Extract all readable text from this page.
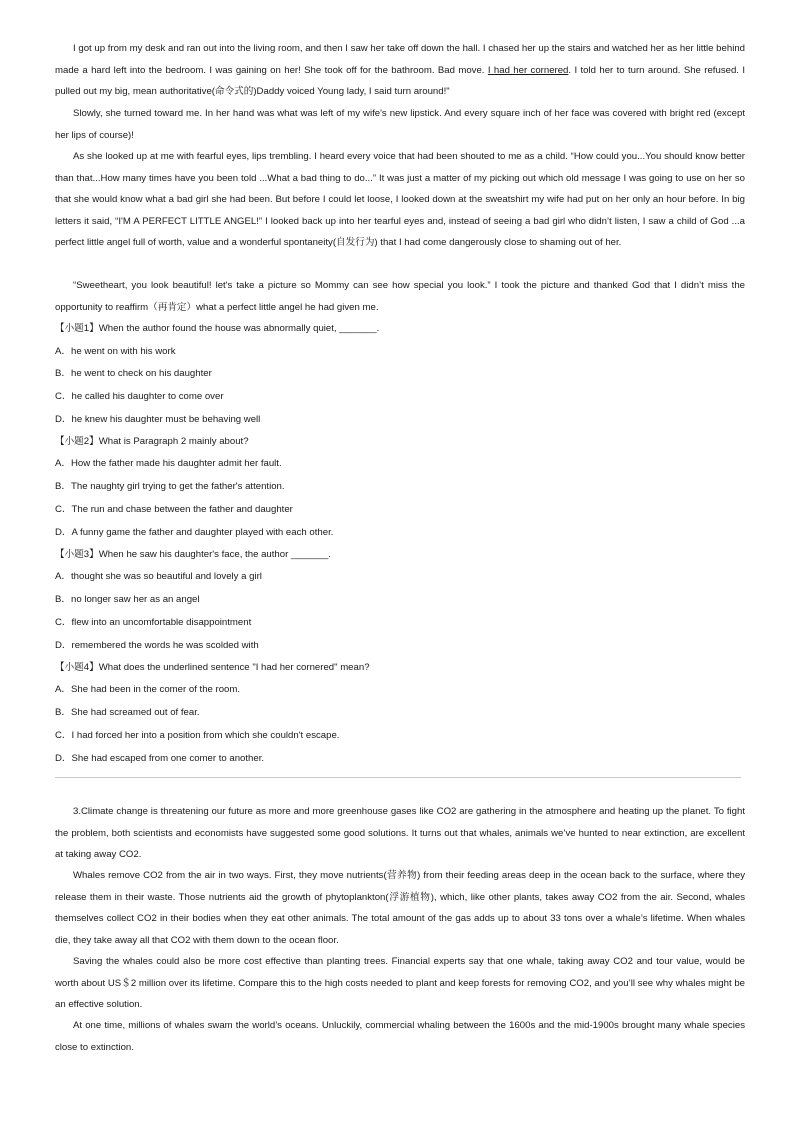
I got up from my desk and ran out into the living room, and then I saw her take off down the hall. I chased her up the stairs and watched her as her little behind made a hard left into the bedroom. I was gaining on her! She took off for the bathroom. Bad move. I had her cornered. I told her to turn around. She refused. I pulled out my big, mean authoritative(命令式的)Daddy voiced Young lady, I said turn around!"
Slowly, she turned toward me. In her hand was what was left of my wife's new lipstick. And every square inch of her face was covered with bright red (except her lips of course)!
As she looked up at me with fearful eyes, lips trembling. I heard every voice that had been shouted to me as a child. “How could you...You should know better than that...How many times have you been told ...What a bad thing to do...” It was just a matter of my picking out which old message I was going to use on her so that she would know what a bad girl she had been. But before I could let loose, I looked down at the sweatshirt my wife had put on her only an hour before. In big letters it said, “I'M A PERFECT LITTLE ANGEL!” I looked back up into her tearful eyes and, instead of seeing a bad girl who didn’t listen, I saw a child of God ...a perfect little angel full of worth, value and a wonderful spontaneity(自发行为) that I had come dangerously close to shaming out of her.
“Sweetheart, you look beautiful! let's take a picture so Mommy can see how special you look.” I took the picture and thanked God that I didn’t miss the opportunity to reaffirm（再肯定）what a perfect little angel he had given me.
【小题1】When the author found the house was abnormally quiet, _______.
A．he went on with his work
B．he went to check on his daughter
C．he called his daughter to come over
D．he knew his daughter must be behaving well
【小题2】What is Paragraph 2 mainly about?
A．How the father made his daughter admit her fault.
B．The naughty girl trying to get the father's attention.
C．The run and chase between the father and daughter
D．A funny game the father and daughter played with each other.
【小题3】When he saw his daughter's face, the author _______.
A．thought she was so beautiful and lovely a girl
B．no longer saw her as an angel
C．flew into an uncomfortable disappointment
D．remembered the words he was scolded with
【小题4】What does the underlined sentence "I had her cornered" mean?
A．She had been in the comer of the room.
B．She had screamed out of fear.
C．I had forced her into a position from which she couldn't escape.
D．She had escaped from one comer to another.
3.Climate change is threatening our future as more and more greenhouse gases like CO2 are gathering in the atmosphere and heating up the planet. To fight the problem, both scientists and economists have suggested some good solutions. It turns out that whales, animals we’ve hunted to near extinction, are excellent at taking away CO2.
Whales remove CO2 from the air in two ways. First, they move nutrients(营养物) from their feeding areas deep in the ocean back to the surface, where they release them in their waste. Those nutrients aid the growth of phytoplankton(浮游植物), which, like other plants, takes away CO2 from the air. Second, whales themselves collect CO2 in their bodies when they eat other animals. The total amount of the gas adds up to about 33 tons over a whale’s lifetime. When whales die, they take away all that CO2 with them down to the ocean floor.
Saving the whales could also be more cost effective than planting trees. Financial experts say that one whale, taking away CO2 and tour value, would be worth about US＄2 million over its lifetime. Compare this to the high costs needed to plant and keep forests for removing CO2, and you’ll see why whales might be an effective solution.
At one time, millions of whales swam the world’s oceans. Unluckily, commercial whaling between the 1600s and the mid-1900s brought many whale species close to extinction.
